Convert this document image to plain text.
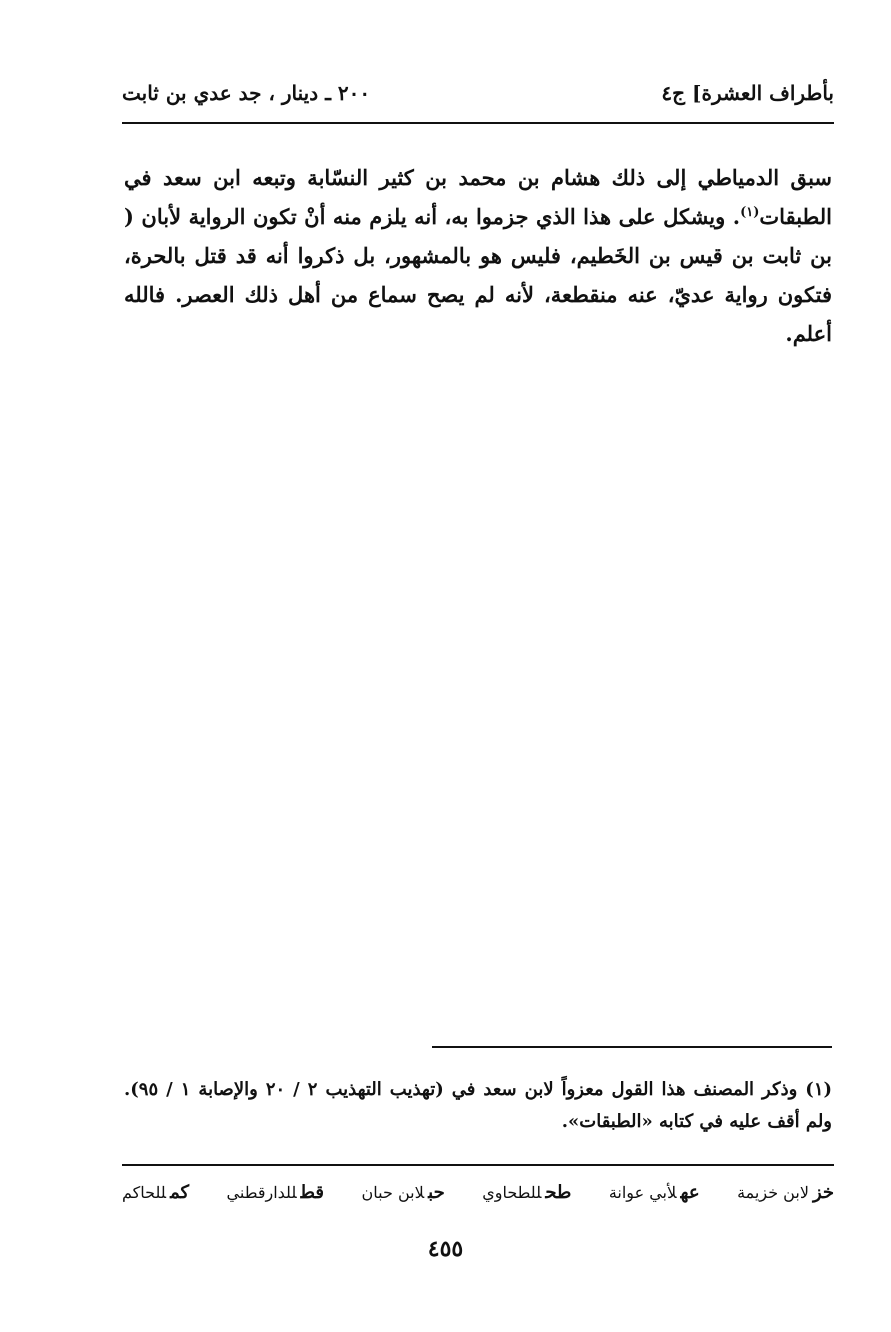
بأطراف العشرة] ج٤
٢٠٠ ـ دينار ، جد عدي بن ثابت

سبق الدمياطي إلى ذلك هشام بن محمد بن كثير النسّابة وتبعه ابن سعد في الطبقات$^{(١)}$. ويشكل على هذا الذي جزموا به، أنه يلزم منه أنْ تكون الرواية لأبان ( بن ثابت بن قيس بن الخَطيم، فليس هو بالمشهور، بل ذكروا أنه قد قتل بالحرة، فتكون رواية عديّ، عنه منقطعة، لأنه لم يصح سماع من أهل ذلك العصر. فالله أعلم.

(١)وذكر المصنف هذا القول معزواً لابن سعد في (تهذيب التهذيب ٢ / ٢٠ والإصابة ١ / ٩٥). ولم أقف عليه في كتابه «الطبقات».

خزلابن خزيمة
عهلأبي عوانة
طحللطحاوي
حبلابن حبان
قطللدارقطني
كمللحاكم
٤٥٥
